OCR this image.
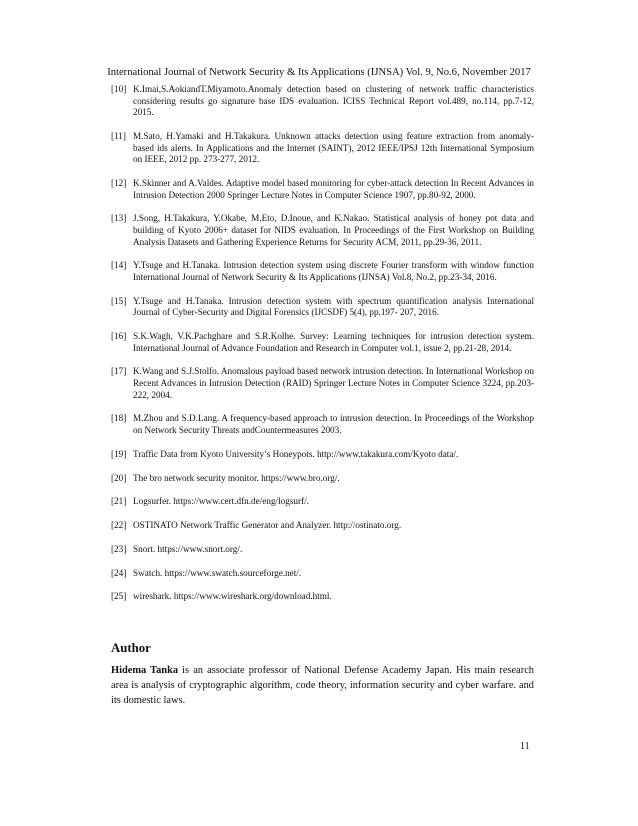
International Journal of Network Security & Its Applications (IJNSA) Vol. 9, No.6, November 2017
[10] K.Imai,S.AokiandT.Miyamoto.Anomaly detection based on clustering of network traffic characteristics considering results go signature base IDS evaluation. ICISS Technical Report vol.489, no.114, pp.7-12, 2015.
[11] M.Sato, H.Yamaki and H.Takakura. Unknown attacks detection using feature extraction from anomaly-based ids alerts. In Applications and the Internet (SAINT), 2012 IEEE/IPSJ 12th International Symposium on IEEE, 2012 pp. 273-277, 2012.
[12] K.Skinner and A.Valdes. Adaptive model based monitoring for cyber-attack detection In Recent Advances in Intrusion Detection 2000 Springer Lecture Notes in Computer Science 1907, pp.80-92, 2000.
[13] J.Song, H.Takakura, Y.Okabe, M.Eto, D.Inoue, and K.Nakao. Statistical analysis of honey pot data and building of Kyoto 2006+ dataset for NIDS evaluation. In Proceedings of the First Workshop on Building Analysis Datasets and Gathering Experience Returns for Security ACM, 2011, pp.29-36, 2011.
[14] Y.Tsuge and H.Tanaka. Intrusion detection system using discrete Fourier transform with window function International Journal of Network Security & Its Applications (IJNSA) Vol.8, No.2, pp.23-34, 2016.
[15] Y.Tsuge and H.Tanaka. Intrusion detection system with spectrum quantification analysis International Journal of Cyber-Security and Digital Forensics (IJCSDF) 5(4), pp.197- 207, 2016.
[16] S.K.Wagh, V.K.Pachghare and S.R.Kolhe. Survey: Learning techniques for intrusion detection system. International Journal of Advance Foundation and Research in Computer vol.1, issue 2, pp.21-28, 2014.
[17] K.Wang and S.J.Stolfo. Anomalous payload based network intrusion detection. In International Workshop on Recent Advances in Intrusion Detection (RAID) Springer Lecture Notes in Computer Science 3224, pp.203-222, 2004.
[18] M.Zhou and S.D.Lang. A frequency-based approach to intrusion detection. In Proceedings of the Workshop on Network Security Threats andCountermeasures 2003.
[19] Traffic Data from Kyoto University’s Honeypots. http://www.takakura.com/Kyoto data/.
[20] The bro network security monitor. https://www.bro.org/.
[21] Logsurfer. https://www.cert.dfn.de/eng/logsurf/.
[22] OSTINATO Network Traffic Generator and Analyzer. http://ostinato.org.
[23] Snort. https://www.snort.org/.
[24] Swatch. https://www.swatch.sourceforge.net/.
[25] wireshark. https://www.wireshark.org/download.html.
Author

Hidema Tanka is an associate professor of National Defense Academy Japan. His main research area is analysis of cryptographic algorithm, code theory, information security and cyber warfare. and its domestic laws.

11
